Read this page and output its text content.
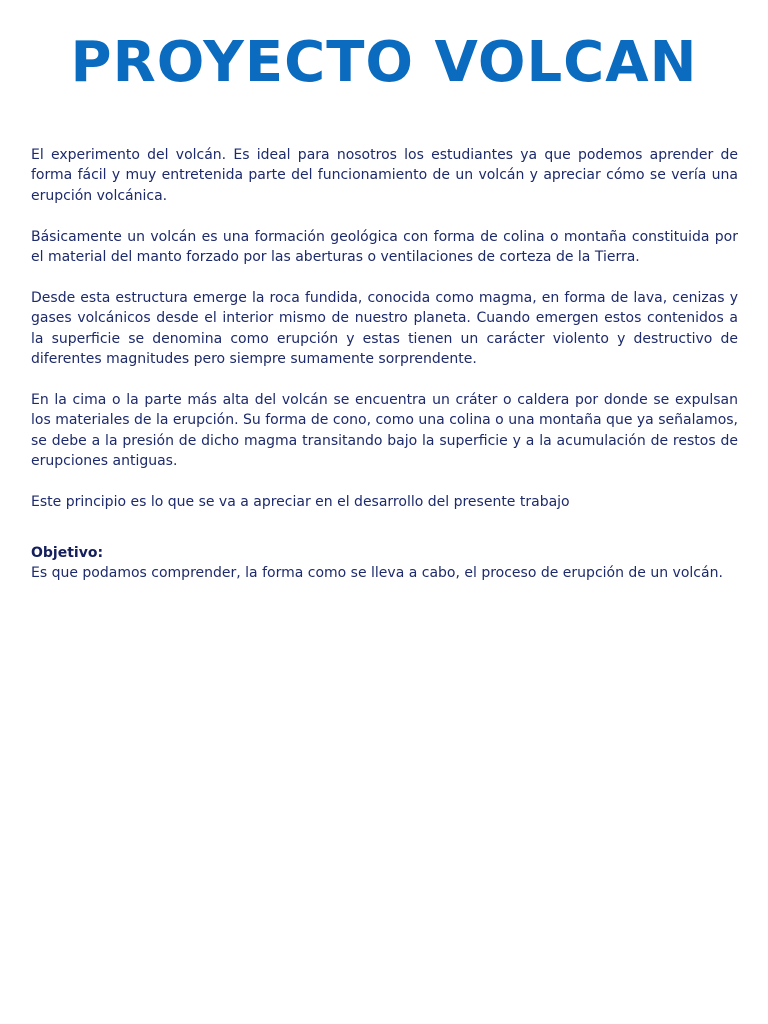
PROYECTO VOLCAN

El experimento del volcán. Es ideal para nosotros los estudiantes ya que podemos aprender de forma fácil y muy entretenida parte del funcionamiento de un volcán y apreciar cómo se vería una erupción volcánica.

Básicamente un volcán es una formación geológica con forma de colina o montaña constituida por el material del manto forzado por las aberturas o ventilaciones de corteza de la Tierra.

Desde esta estructura emerge la roca fundida, conocida como magma, en forma de lava, cenizas y gases volcánicos desde el interior mismo de nuestro planeta. Cuando emergen estos contenidos a la superficie se denomina como erupción y estas tienen un carácter violento y destructivo de diferentes magnitudes pero siempre sumamente sorprendente.

En la cima o la parte más alta del volcán se encuentra un cráter o caldera por donde se expulsan los materiales de la erupción. Su forma de cono, como una colina o una montaña que ya señalamos, se debe a la presión de dicho magma transitando bajo la superficie y a la acumulación de restos de erupciones antiguas.

Este principio es lo que se va a apreciar en el desarrollo del presente trabajo

Objetivo:
Es que podamos comprender, la forma como se lleva a cabo, el proceso de erupción de un volcán.
